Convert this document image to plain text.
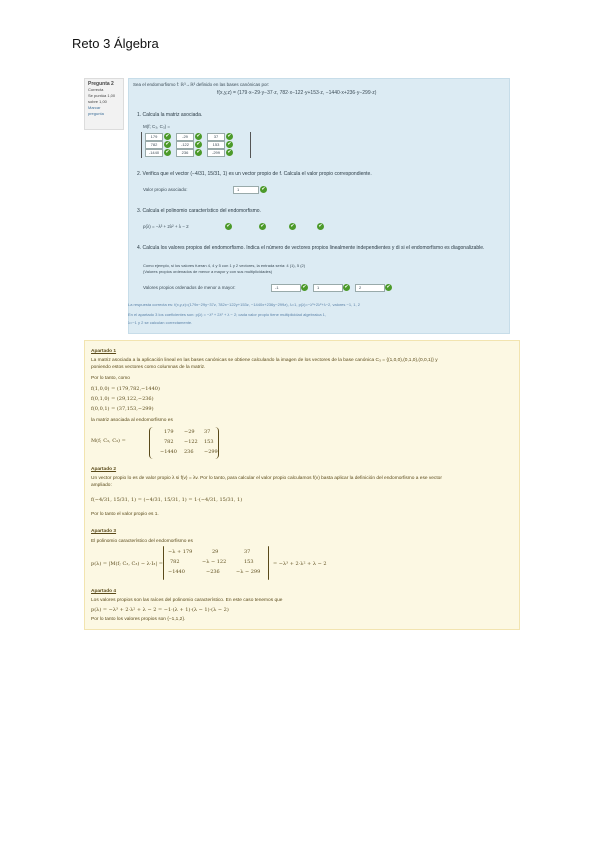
Reto 3 Álgebra
Pregunta 2
Correcta
Se puntúa 1,00
sobre 1,00
Marcar
pregunta
Sea el endomorfismo f: ℝ³→ℝ³ definido en las bases canónicas por:
f(x,y,z) = (179·x−29·y−37·z, 782·x−122·y+153·z, −1440·x+236·y−299·z)
1. Calcula la matriz asociada.
M(f; C₃, C₃) =
179	✔	-29	✔	37	✔
782	✔	-122	✔	153	✔
-1440	✔	236	✔	-299	✔
2. Verifica que el vector (−4/31, 15/31, 1) es un vector propio de f. Calcula el valor propio correspondiente.
Valor propio asociado:	1	✔
3. Calcula el polinomio característico del endomorfismo.
p(λ) = −λ³ + 2λ² + λ − 2	✔	✔	✔	✔
4. Calcula los valores propios del endomorfismo. Indica el número de vectores propios linealmente independientes y di si el endomorfismo es diagonalizable.
Como ejemplo, si los valores fueran 4, 4 y 5 con 1 y 2 vectores, la entrada seria: 4 (1), 5 (2)
(Valores propios ordenados de menor a mayor y con sus multiplicidades)
Valores propios ordenados de menor a mayor:	-1	✔	1	✔	2	✔
La respuesta correcta es: f(x,y,z)=(179x−29y−37z, 782x−122y+153z, −1440x+236y−299z), λ=1, p(λ)=−λ³+2λ²+λ−2, valores −1, 1, 2
En el apartado 3 los coeficientes son: p(λ) = −λ³ + 2λ² + λ − 2; cada valor propio tiene multiplicidad algebraica 1,
λ=−1 y 2 se calculan correctamente.
Apartado 1
La matriz asociada a la aplicación lineal en las bases canónicas se obtiene calculando la imagen de los vectores de la base canónica C₃ = {(1,0,0),(0,1,0),(0,0,1)} y
poniendo estos vectores como columnas de la matriz.
Por lo tanto, como
f(1,0,0) = (179,782,−1440)
f(0,1,0) = (29,122,−236)
f(0,0,1) = (37,153,−299)
la matriz asociada al endomorfismo es
M(f; C₃, C₃) =
179 −29 37
782 −122 153
−1440 236 −299
Apartado 2
Un vector propio lo es de valor propio λ si f(v) = λv. Por lo tanto, para calcular el valor propio calculamos f(v) basta aplicar la definición del endomorfismo a ese vector
ampliado:
f(−4/31, 15/31, 1) = (−4/31, 15/31, 1) = 1·(−4/31, 15/31, 1)
Por lo tanto el valor propio es 1.
Apartado 3
El polinomio característico del endomorfismo es
p(λ) = |M(f; C₃, C₃) − λ·I₃| =
−λ + 179	29	37
782	−λ − 122	153
−1440	−236	−λ − 299
= −λ³ + 2·λ² + λ − 2
Apartado 4
Los valores propios son las raíces del polinomio característico. En este caso tenemos que
p(λ) = −λ³ + 2·λ² + λ − 2 = −1·(λ + 1)·(λ − 1)·(λ − 2)
Por lo tanto los valores propios son {−1,1,2}.
